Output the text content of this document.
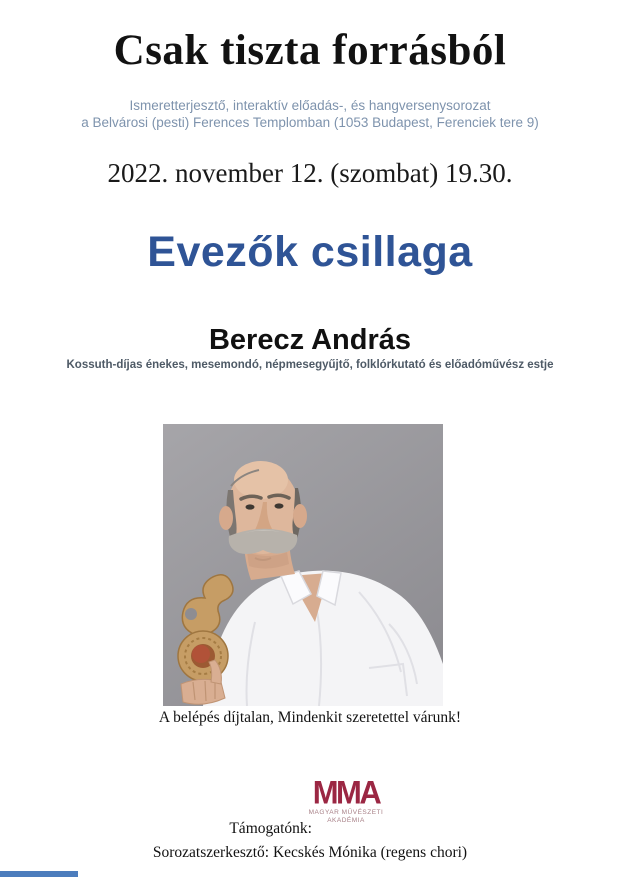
Csak tiszta forrásból
Ismeretterjesztő, interaktív előadás-, és hangversenysorozat
a Belvárosi (pesti) Ferences Templomban (1053 Budapest, Ferenciek tere 9)
2022. november 12. (szombat) 19.30.
Evezők csillaga
Berecz András
Kossuth-díjas énekes, mesemondó, népmesegyűjtő, folklórkutató és előadóművész estje
A belépés díjtalan, Mindenkit szeretettel várunk!
Támogatónk:
MMA
MAGYAR MŰVÉSZETI
AKADÉMIA
Sorozatszerkesztő: Kecskés Mónika (regens chori)
